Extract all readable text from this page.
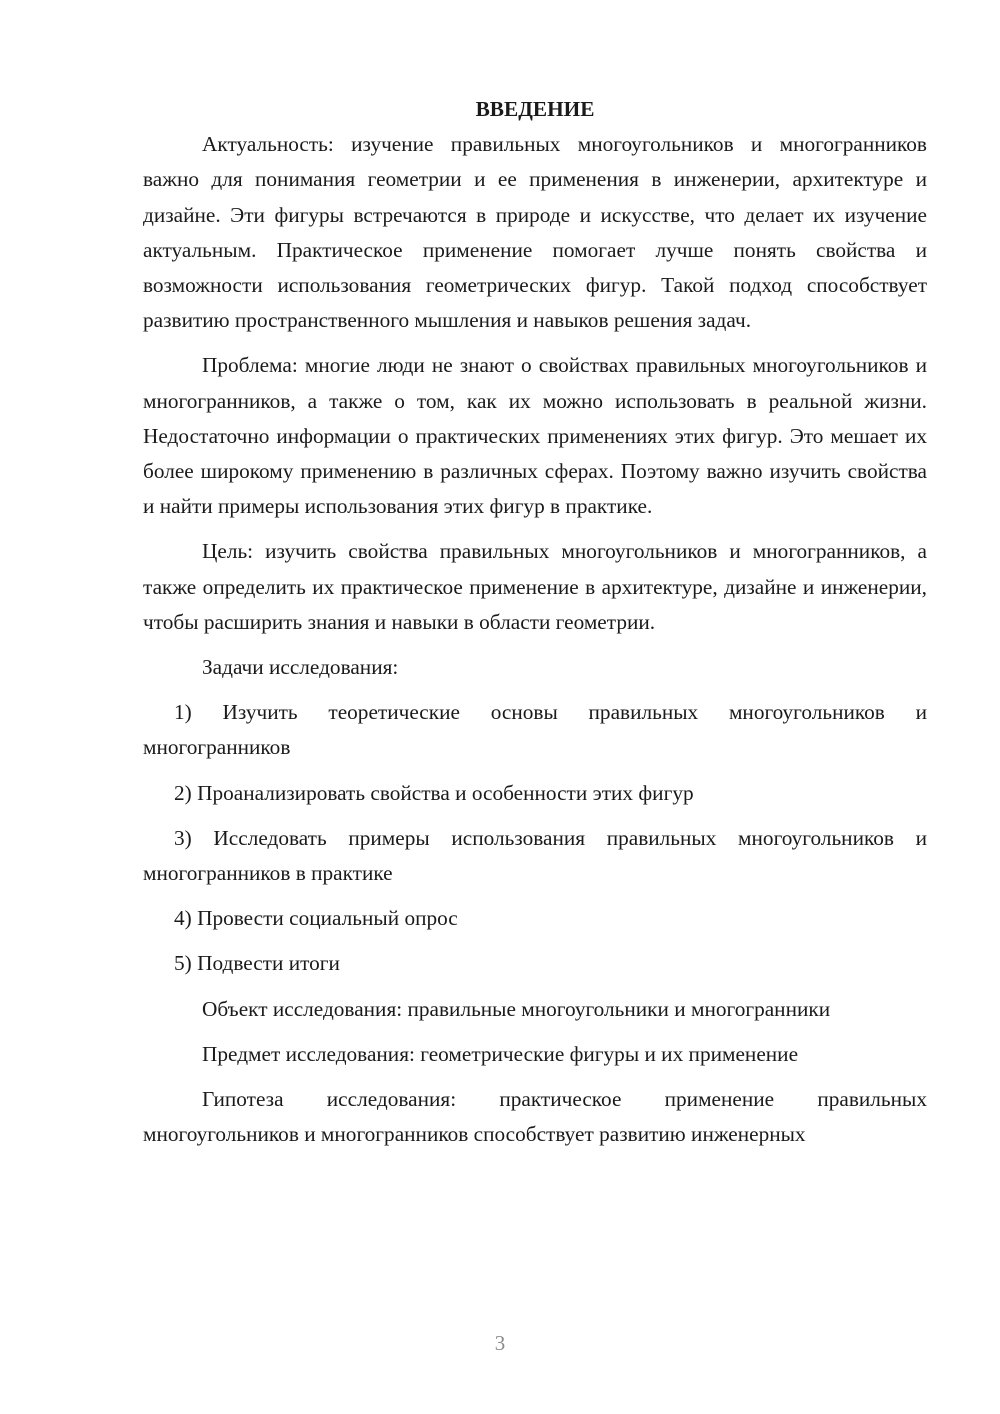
ВВЕДЕНИЕ

Актуальность: изучение правильных многоугольников и многогранников важно для понимания геометрии и ее применения в инженерии, архитектуре и дизайне. Эти фигуры встречаются в природе и искусстве, что делает их изучение актуальным. Практическое применение помогает лучше понять свойства и возможности использования геометрических фигур. Такой подход способствует развитию пространственного мышления и навыков решения задач.

Проблема: многие люди не знают о свойствах правильных многоугольников и многогранников, а также о том, как их можно использовать в реальной жизни. Недостаточно информации о практических применениях этих фигур. Это мешает их более широкому применению в различных сферах. Поэтому важно изучить свойства и найти примеры использования этих фигур в практике.

Цель: изучить свойства правильных многоугольников и многогранников, а также определить их практическое применение в архитектуре, дизайне и инженерии, чтобы расширить знания и навыки в области геометрии.

Задачи исследования:

1) Изучить теоретические основы правильных многоугольников и многогранников

2) Проанализировать свойства и особенности этих фигур

3) Исследовать примеры использования правильных многоугольников и многогранников в практике

4) Провести социальный опрос

5) Подвести итоги

Объект исследования: правильные многоугольники и многогранники

Предмет исследования: геометрические фигуры и их применение

Гипотеза исследования: практическое применение правильных многоугольников и многогранников способствует развитию инженерных

3
